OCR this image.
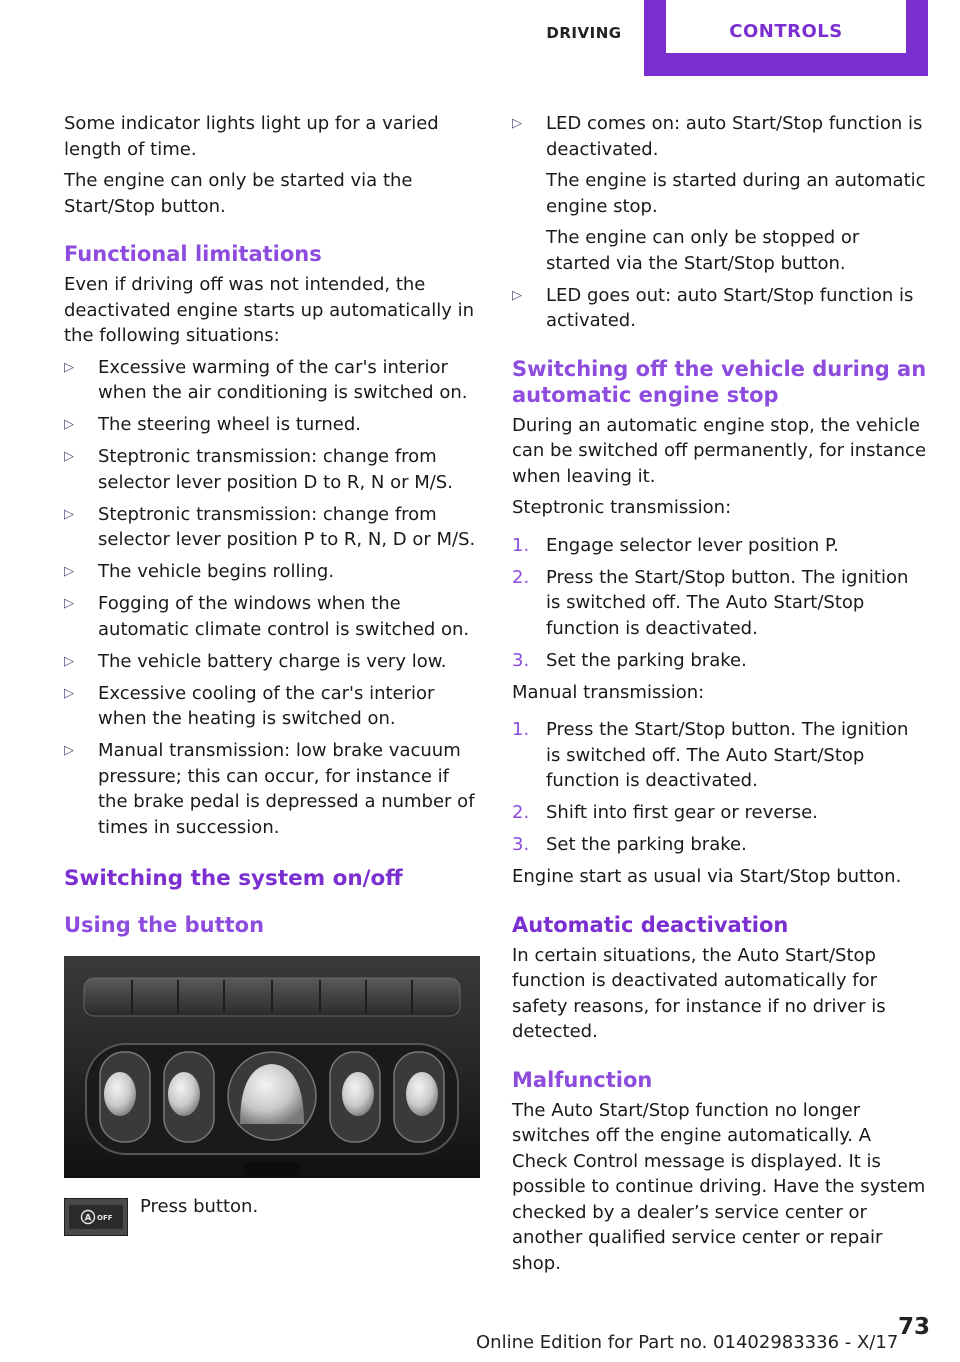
DRIVING	CONTROLS

Some indicator lights light up for a varied length of time.

The engine can only be started via the Start/Stop button.

Functional limitations

Even if driving off was not intended, the deactivated engine starts up automatically in the following situations:

▷ Excessive warming of the car's interior when the air conditioning is switched on.
▷ The steering wheel is turned.
▷ Steptronic transmission: change from selector lever position D to R, N or M/S.
▷ Steptronic transmission: change from selector lever position P to R, N, D or M/S.
▷ The vehicle begins rolling.
▷ Fogging of the windows when the automatic climate control is switched on.
▷ The vehicle battery charge is very low.
▷ Excessive cooling of the car's interior when the heating is switched on.
▷ Manual transmission: low brake vacuum pressure; this can occur, for instance if the brake pedal is depressed a number of times in succession.
Switching the system on/off
Using the button
A OFF
Press button.
▷ LED comes on: auto Start/Stop function is deactivated.

The engine is started during an automatic engine stop.

The engine can only be stopped or started via the Start/Stop button.

▷ LED goes out: auto Start/Stop function is activated.

Switching off the vehicle during an automatic engine stop

During an automatic engine stop, the vehicle can be switched off permanently, for instance when leaving it.

Steptronic transmission:

1. Engage selector lever position P.
2. Press the Start/Stop button. The ignition is switched off. The Auto Start/Stop function is deactivated.
3. Set the parking brake.

Manual transmission:

1. Press the Start/Stop button. The ignition is switched off. The Auto Start/Stop function is deactivated.
2. Shift into first gear or reverse.
3. Set the parking brake.

Engine start as usual via Start/Stop button.

Automatic deactivation

In certain situations, the Auto Start/Stop function is deactivated automatically for safety reasons, for instance if no driver is detected.

Malfunction

The Auto Start/Stop function no longer switches off the engine automatically. A Check Control message is displayed. It is possible to continue driving. Have the system checked by a dealer’s service center or another qualified service center or repair shop.

73
Online Edition for Part no. 01402983336 - X/17
